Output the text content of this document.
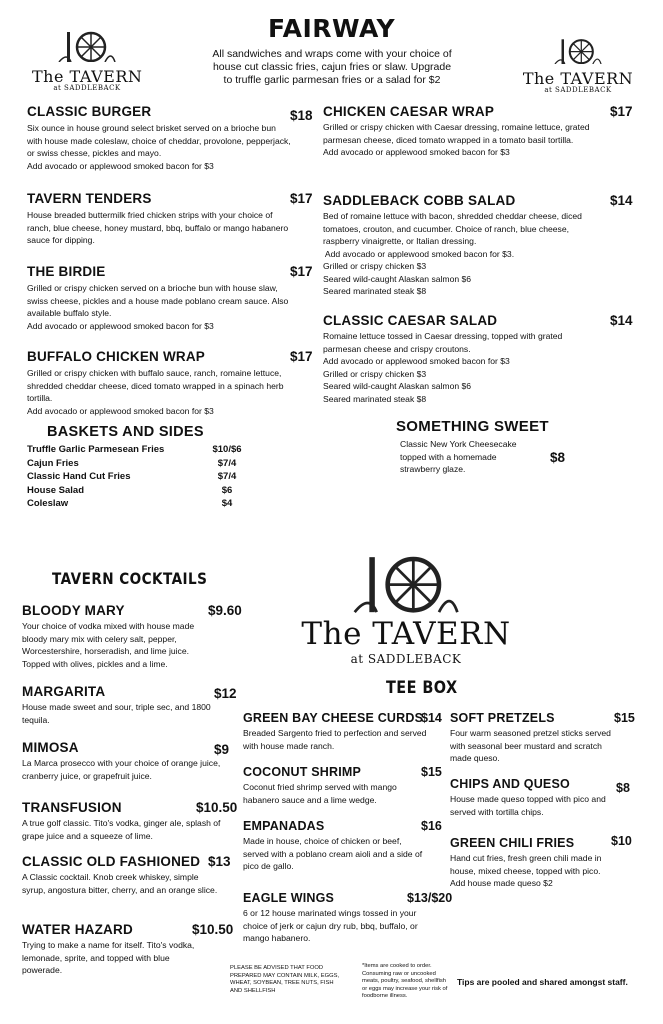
FAIRWAY
All sandwiches and wraps come with your choice of house cut classic fries, cajun fries or slaw. Upgrade to truffle garlic parmesan fries or a salad for $2
The TAVERN
at SADDLEBACK	The TAVERN
at SADDLEBACK
CLASSIC BURGER	$18
Six ounce in house ground select brisket served on a brioche bun with house made coleslaw, choice of cheddar, provolone, pepperjack, or swiss chesse, pickles and mayo.
Add avocado or applewood smoked bacon for $3
TAVERN TENDERS	$17
House breaded buttermilk fried chicken strips with your choice of ranch, blue cheese, honey mustard, bbq, buffalo or mango habanero sauce for dipping.
THE BIRDIE	$17
Grilled or crispy chicken served on a brioche bun with house slaw, swiss cheese, pickles and a house made poblano cream sauce. Also available buffalo style.
Add avocado or applewood smoked bacon for $3
BUFFALO CHICKEN WRAP	$17
Grilled or crispy chicken with buffalo sauce, ranch, romaine lettuce, shredded cheddar cheese, diced tomato wrapped in a spinach herb tortilla.
Add avocado or applewood smoked bacon for $3
CHICKEN CAESAR WRAP	$17
Grilled or crispy chicken with Caesar dressing, romaine lettuce, grated parmesan cheese, diced tomato wrapped in a tomato basil tortilla.
Add avocado or applewood smoked bacon for $3
SADDLEBACK COBB SALAD	$14
Bed of romaine lettuce with bacon, shredded cheddar cheese, diced tomatoes, crouton, and cucumber. Choice of ranch, blue cheese, raspberry vinaigrette, or Italian dressing.
Add avocado or applewood smoked bacon for $3.
Grilled or crispy chicken $3
Seared wild-caught Alaskan salmon $6
Seared marinated steak $8
CLASSIC CAESAR SALAD	$14
Romaine lettuce tossed in Caesar dressing, topped with grated parmesan cheese and crispy croutons.
Add avocado or applewood smoked bacon for $3
Grilled or crispy chicken $3
Seared wild-caught Alaskan salmon $6
Seared marinated steak $8
BASKETS AND SIDES
Truffle Garlic Parmesean Fries	$10/$6
Cajun Fries	$7/4
Classic Hand Cut Fries	$7/4
House Salad	$6
Coleslaw	$4
SOMETHING SWEET
Classic New York Cheesecake topped with a homemade strawberry glaze.
$8
TAVERN COCKTAILS
BLOODY MARY	$9.60
Your choice of vodka mixed with house made bloody mary mix with celery salt, pepper, Worcestershire, horseradish, and lime juice. Topped with olives, pickles and a lime.
MARGARITA	$12
House made sweet and sour, triple sec, and 1800 tequila.
MIMOSA	$9
La Marca prosecco with your choice of orange juice, cranberry juice, or grapefruit juice.
TRANSFUSION	$10.50
A true golf classic. Tito's vodka, ginger ale, splash of grape juice and a squeeze of lime.
CLASSIC OLD FASHIONED $13
A Classic cocktail. Knob creek whiskey, simple syrup, angostura bitter, cherry, and an orange slice.
WATER HAZARD	$10.50
Trying to make a name for itself. Tito's vodka, lemonade, sprite, and topped with blue powerade.
The TAVERN
at SADDLEBACK
TEE BOX
GREEN BAY CHEESE CURDS
$14
Breaded Sargento fried to perfection and served with house made ranch.
COCONUT SHRIMP	$15
Coconut fried shrimp served with mango habanero sauce and a lime wedge.
EMPANADAS	$16
Made in house, choice of chicken or beef, served with a poblano cream aioli and a side of pico de gallo.
EAGLE WINGS	$13/$20
6 or 12 house marinated wings tossed in your choice of jerk or cajun dry rub, bbq, buffalo, or mango habanero.
SOFT PRETZELS	$15
Four warm seasoned pretzel sticks served with seasonal beer mustard and scratch made queso.
CHIPS AND QUESO	$8
House made queso topped with pico and served with tortilla chips.
GREEN CHILI FRIES	$10
Hand cut fries, fresh green chili made in house, mixed cheese, topped with pico.
Add house made queso $2
PLEASE BE ADVISED THAT FOOD PREPARED MAY CONTAIN MILK, EGGS, WHEAT, SOYBEAN, TREE NUTS, FISH AND SHELLFISH
*Items are cooked to order. Consuming raw or uncooked meats, poultry, seafood, shellfish or eggs may increase your risk of foodborne illness.
Tips are pooled and shared amongst staff.
